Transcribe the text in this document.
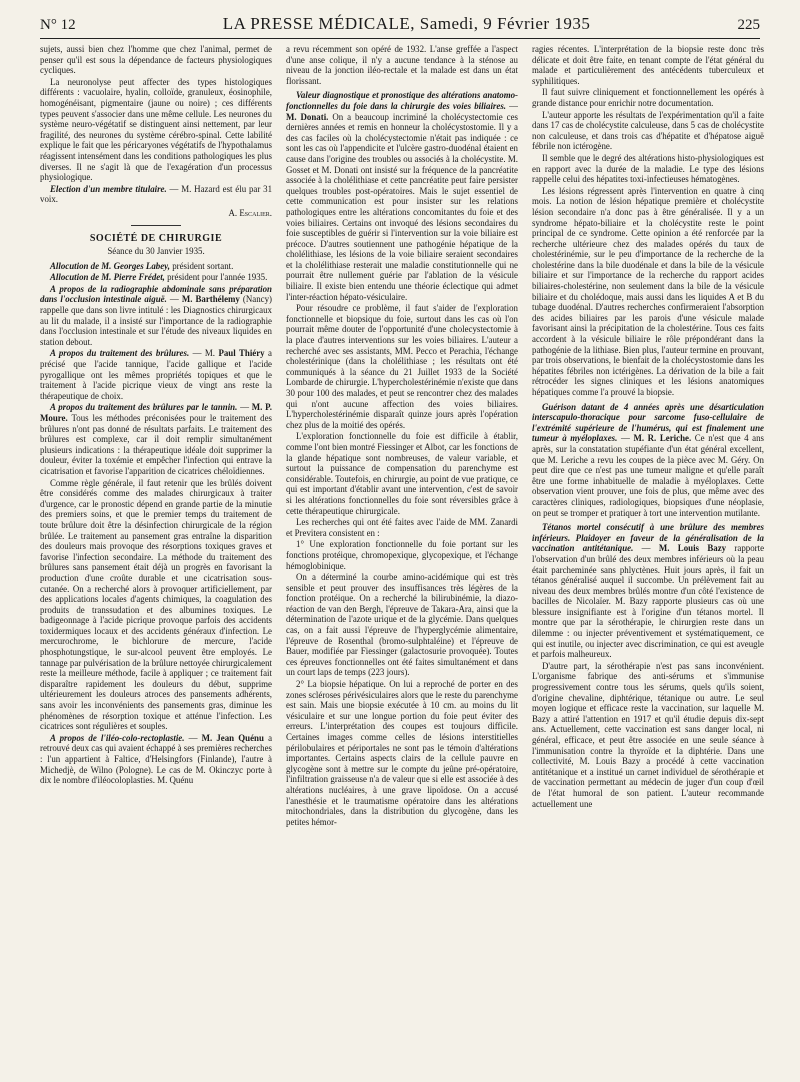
N° 12	LA PRESSE MÉDICALE, Samedi, 9 Février 1935	225

sujets, aussi bien chez l'homme que chez l'animal, permet de penser qu'il est sous la dépendance de facteurs physiologiques cycliques.

La neuronolyse peut affecter des types histologiques différents : vacuolaire, hyalin, colloïde, granuleux, éosinophile, homogénéisant, pigmentaire (jaune ou noire) ; ces différents types peuvent s'associer dans une même cellule. Les neurones du système neuro-végétatif se distinguent ainsi nettement, par leur fragilité, des neurones du système cérébro-spinal. Cette labilité explique le fait que les péricaryones végétatifs de l'hypothalamus réagissent intensément dans les conditions pathologiques les plus diverses. Il ne s'agit là que de l'exagération d'un processus physiologique.

Election d'un membre titulaire. — M. Hazard est élu par 31 voix.

A. Escalier.

SOCIÉTÉ DE CHIRURGIE

Séance du 30 Janvier 1935.

Allocution de M. Georges Labey, président sortant.

Allocution de M. Pierre Frédet, président pour l'année 1935.

A propos de la radiographie abdominale sans préparation dans l'occlusion intestinale aiguë. — M. Barthélemy (Nancy) rappelle que dans son livre intitulé : les Diagnostics chirurgicaux au lit du malade, il a insisté sur l'importance de la radiographie dans l'occlusion intestinale et sur l'étude des niveaux liquides en station debout.

A propos du traitement des brûlures. — M. Paul Thiéry a précisé que l'acide tannique, l'acide gallique et l'acide pyrogallique ont les mêmes propriétés topiques et que le traitement à l'acide picrique vieux de vingt ans reste la thérapeutique de choix.

A propos du traitement des brûlures par le tannin. — M. P. Moure. Tous les méthodes préconisées pour le traitement des brûlures n'ont pas donné de résultats parfaits. Le traitement des brûlures est complexe, car il doit remplir simultanément plusieurs indications : la thérapeutique idéale doit supprimer la douleur, éviter la toxémie et empêcher l'infection qui entrave la cicatrisation et favorise l'apparition de cicatrices chéloïdiennes.

Comme règle générale, il faut retenir que les brûlés doivent être considérés comme des malades chirurgicaux à traiter d'urgence, car le pronostic dépend en grande partie de la minutie des premiers soins, et que le premier temps du traitement de toute brûlure doit être la désinfection chirurgicale de la région brûlée. Le traitement au pansement gras entraîne la disparition des douleurs mais provoque des résorptions toxiques graves et favorise l'infection secondaire. La méthode du traitement des brûlures sans pansement était déjà un progrès en favorisant la production d'une croûte durable et une cicatrisation sous-cutanée. On a recherché alors à provoquer artificiellement, par des applications locales d'agents chimiques, la coagulation des produits de transsudation et des albumines toxiques. Le badigeonnage à l'acide picrique provoque parfois des accidents toxidermiques locaux et des accidents généraux d'infection. Le mercurochrome, le bichlorure de mercure, l'acide phosphotungstique, le sur-alcool peuvent être employés. Le tannage par pulvérisation de la brûlure nettoyée chirurgicalement reste la meilleure méthode, facile à appliquer ; ce traitement fait disparaître rapidement les douleurs du début, supprime ultérieurement les douleurs atroces des pansements adhérents, sans avoir les inconvénients des pansements gras, diminue les phénomènes de résorption toxique et atténue l'infection. Les cicatrices sont régulières et souples.

A propos de l'iléo-colo-rectoplastie. — M. Jean Quénu a retrouvé deux cas qui avaient échappé à ses premières recherches : l'un appartient à Faltice, d'Helsingfors (Finlande), l'autre à Michedjè, de Wilno (Pologne). Le cas de M. Okinczyc porte à dix le nombre d'iléocoloplasties. M. Quénu

a revu récemment son opéré de 1932. L'anse greffée a l'aspect d'une anse colique, il n'y a aucune tendance à la sténose au niveau de la jonction iléo-rectale et la malade est dans un état florissant.

Valeur diagnostique et pronostique des altérations anatomo-fonctionnelles du foie dans la chirurgie des voies biliaires. — M. Donati. On a beaucoup incriminé la cholécystectomie ces dernières années et remis en honneur la cholécystostomie. Il y a des cas faciles où la cholécystectomie n'était pas indiquée : ce sont les cas où l'appendicite et l'ulcère gastro-duodénal étaient en cause dans l'origine des troubles ou associés à la cholécystite. M. Gosset et M. Donati ont insisté sur la fréquence de la pancréatite associée à la cholélithiase et cette pancréatite peut faire persister quelques troubles post-opératoires. Mais le sujet essentiel de cette communication est pour insister sur les relations pathologiques entre les altérations concomitantes du foie et des voies biliaires. Certains ont invoqué des lésions secondaires du foie susceptibles de guérir si l'intervention sur la voie biliaire est précoce. D'autres soutiennent une pathogénie hépatique de la cholélithiase, les lésions de la voie biliaire seraient secondaires et la cholélithiase resterait une maladie constitutionnelle qui ne pourrait être nullement guérie par l'ablation de la vésicule biliaire. Il existe bien entendu une théorie éclectique qui admet l'inter-réaction hépato-vésiculaire.

Pour résoudre ce problème, il faut s'aider de l'exploration fonctionnelle et biopsique du foie, surtout dans les cas où l'on pourrait même douter de l'opportunité d'une cholecystectomie à la place d'autres interventions sur les voies biliaires. L'auteur a recherché avec ses assistants, MM. Pecco et Perachia, l'échange cholestérinique (dans la cholélithiase ; les résultats ont été communiqués à la séance du 21 Juillet 1933 de la Société Lombarde de chirurgie. L'hypercholestérinémie n'existe que dans 30 pour 100 des malades, et peut se rencontrer chez des malades qui n'ont aucune affection des voies biliaires. L'hypercholestérinémie disparaît quinze jours après l'opération chez plus de la moitié des opérés.

L'exploration fonctionnelle du foie est difficile à établir, comme l'ont bien montré Fiessinger et Albot, car les fonctions de la glande hépatique sont nombreuses, de valeur variable, et surtout la puissance de compensation du parenchyme est considérable. Toutefois, en chirurgie, au point de vue pratique, ce qui est important d'établir avant une intervention, c'est de savoir si les altérations fonctionnelles du foie sont réversibles grâce à cette thérapeutique chirurgicale.

Les recherches qui ont été faites avec l'aide de MM. Zanardi et Previtera consistent en :

1° Une exploration fonctionnelle du foie portant sur les fonctions protéique, chromopexique, glycopexique, et l'échange hémoglobinique.

On a déterminé la courbe amino-acidémique qui est très sensible et peut prouver des insuffisances très légères de la fonction protéique. On a recherché la bilirubinémie, la diazo-réaction de van den Bergh, l'épreuve de Takara-Ara, ainsi que la détermination de l'azote urique et de la glycémie. Dans quelques cas, on a fait aussi l'épreuve de l'hyperglycémie alimentaire, l'épreuve de Rosenthal (bromo-sulphtaléine) et l'épreuve de Bauer, modifiée par Fiessinger (galactosurie provoquée). Toutes ces épreuves fonctionnelles ont été faites simultanément et dans un court laps de temps (223 jours).

2° La biopsie hépatique. On lui a reproché de porter en des zones scléroses périvésiculaires alors que le reste du parenchyme est sain. Mais une biopsie exécutée à 10 cm. au moins du lit vésiculaire et sur une longue portion du foie peut éviter des erreurs. L'interprétation des coupes est toujours difficile. Certaines images comme celles de lésions interstitielles périlobulaires et périportales ne sont pas le témoin d'altérations importantes. Certains aspects clairs de la cellule pauvre en glycogène sont à mettre sur le compte du jeûne pré-opératoire, l'infiltration graisseuse n'a de valeur que si elle est associée à des altérations nucléaires, à une grave lipoïdose. On a accusé l'anesthésie et le traumatisme opératoire dans les altérations mitochondriales, dans la distribution du glycogène, dans les petites hémor-

ragies récentes. L'interprétation de la biopsie reste donc très délicate et doit être faite, en tenant compte de l'état général du malade et particulièrement des antécédents tuberculeux et syphilitiques.

Il faut suivre cliniquement et fonctionnellement les opérés à grande distance pour enrichir notre documentation.

L'auteur apporte les résultats de l'expérimentation qu'il a faite dans 17 cas de cholécystite calculeuse, dans 5 cas de cholécystite non calculeuse, et dans trois cas d'hépatite et d'hépatose aiguë fébrile non ictérogène.

Il semble que le degré des altérations histo-physiologiques est en rapport avec la durée de la maladie. Le type des lésions rappelle celui des hépatites toxi-infectieuses hématogènes.

Les lésions régressent après l'intervention en quatre à cinq mois. La notion de lésion hépatique première et cholécystite lésion secondaire n'a donc pas à être généralisée. Il y a un syndrome hépato-biliaire et la cholécystite reste le point principal de ce syndrome. Cette opinion a été renforcée par la recherche ultérieure chez des malades opérés du taux de cholestérinémie, sur le peu d'importance de la recherche de la cholestérine dans la bile duodénale et dans la bile de la vésicule biliaire et sur l'importance de la recherche du rapport acides biliaires-cholestérine, non seulement dans la bile de la vésicule biliaire et du cholédoque, mais aussi dans les liquides A et B du tubage duodénal. D'autres recherches confirmeraient l'absorption des acides biliaires par les parois d'une vésicule malade favorisant ainsi la précipitation de la cholestérine. Tous ces faits accordent à la vésicule biliaire le rôle prépondérant dans la pathogénie de la lithiase. Bien plus, l'auteur termine en prouvant, par trois observations, le bienfait de la cholécystostomie dans les hépatites fébriles non ictérigènes. La dérivation de la bile a fait rétrocéder les signes cliniques et les lésions anatomiques hépatiques comme l'a prouvé la biopsie.

Guérison datant de 4 années après une désarticulation interscapulo-thoracique pour sarcome fuso-cellulaire de l'extrémité supérieure de l'humérus, qui est finalement une tumeur à myéloplaxes. — M. R. Leriche. Ce n'est que 4 ans après, sur la constatation stupéfiante d'un état général excellent, que M. Leriche a revu les coupes de la pièce avec M. Géry. On peut dire que ce n'est pas une tumeur maligne et qu'elle paraît être une forme inhabituelle de maladie à myéloplaxes. Cette observation vient prouver, une fois de plus, que même avec des caractères cliniques, radiologiques, biopsiques d'une néoplasie, on peut se tromper et pratiquer à tort une intervention mutilante.

Tétanos mortel consécutif à une brûlure des membres inférieurs. Plaidoyer en faveur de la généralisation de la vaccination antitétanique. — M. Louis Bazy rapporte l'observation d'un brûlé des deux membres inférieurs où la peau était parcheminée sans phlyctènes. Huit jours après, il fait un tétanos généralisé auquel il succombe. Un prélèvement fait au niveau des deux membres brûlés montre d'un côté l'existence de bacilles de Nicolaïer. M. Bazy rapporte plusieurs cas où une blessure insignifiante est à l'origine d'un tétanos mortel. Il montre que par la sérothérapie, le chirurgien reste dans un dilemme : ou injecter préventivement et systématiquement, ce qui est inutile, ou injecter avec discrimination, ce qui est aveugle et parfois malheureux.

D'autre part, la sérothérapie n'est pas sans inconvénient. L'organisme fabrique des anti-sérums et s'immunise progressivement contre tous les sérums, quels qu'ils soient, d'origine chevaline, diphtérique, tétanique ou autre. Le seul moyen logique et efficace reste la vaccination, sur laquelle M. Bazy a attiré l'attention en 1917 et qu'il étudie depuis dix-sept ans. Actuellement, cette vaccination est sans danger local, ni général, efficace, et peut être associée en une seule séance à l'immunisation contre la thyroïde et la diphtérie. Dans une collectivité, M. Louis Bazy a procédé à cette vaccination antitétanique et a institué un carnet individuel de sérothérapie et de vaccination permettant au médecin de juger d'un coup d'œil de l'état humoral de son patient. L'auteur recommande actuellement une
